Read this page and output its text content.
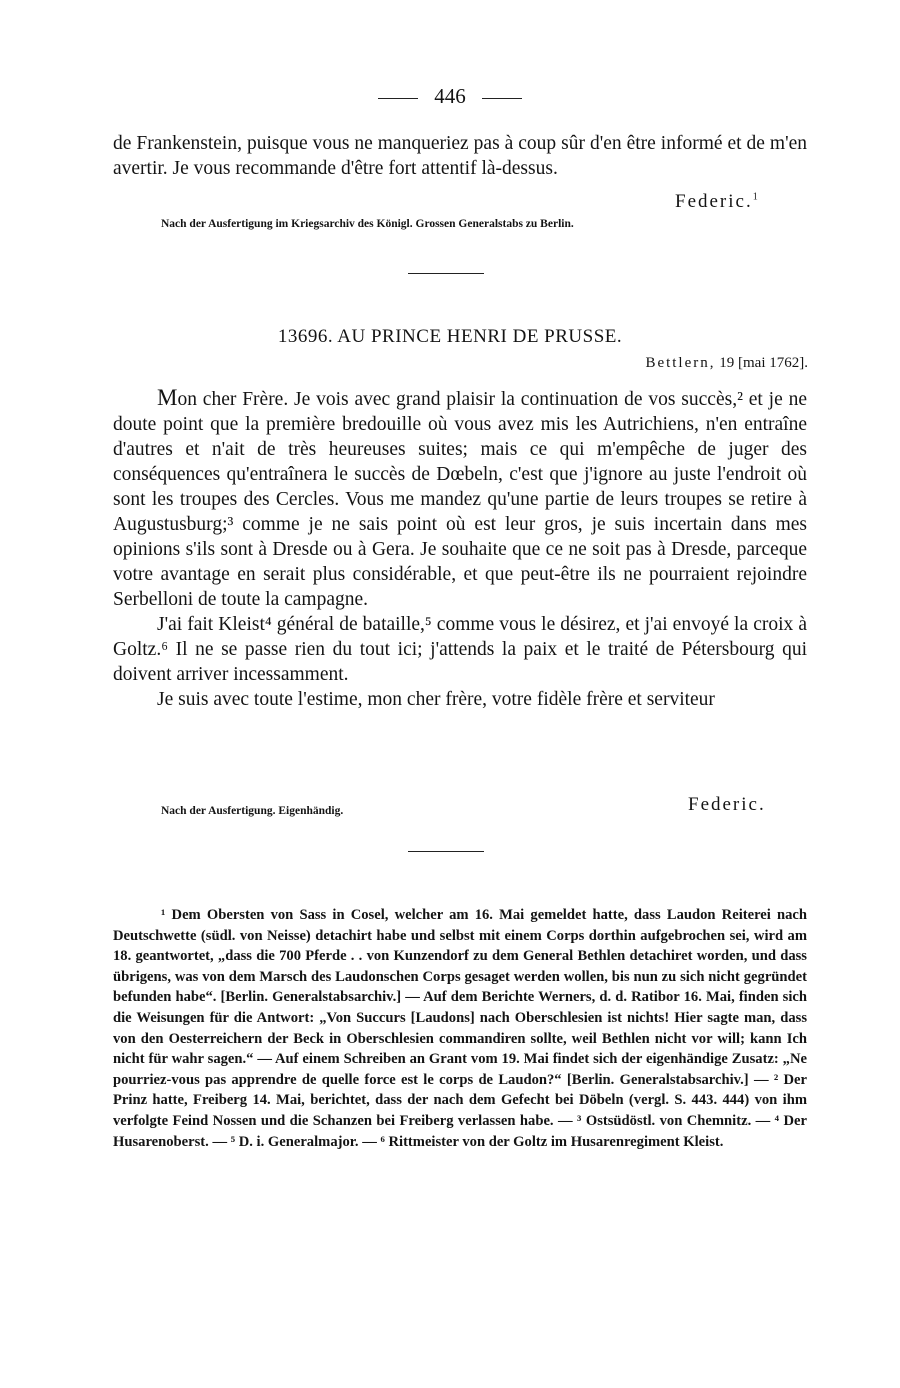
446

de Frankenstein, puisque vous ne manqueriez pas à coup sûr d'en être informé et de m'en avertir. Je vous recommande d'être fort attentif là-dessus.

Federic.$^1$
Nach der Ausfertigung im Kriegsarchiv des Königl. Grossen Generalstabs zu Berlin.
13696. AU PRINCE HENRI DE PRUSSE.
Bettlern, 19 [mai 1762].

Mon cher Frère. Je vois avec grand plaisir la continuation de vos succès,² et je ne doute point que la première bredouille où vous avez mis les Autrichiens, n'en entraîne d'autres et n'ait de très heureuses suites; mais ce qui m'empêche de juger des conséquences qu'entraînera le succès de Dœbeln, c'est que j'ignore au juste l'endroit où sont les troupes des Cercles. Vous me mandez qu'une partie de leurs troupes se retire à Augustusburg;³ comme je ne sais point où est leur gros, je suis incertain dans mes opinions s'ils sont à Dresde ou à Gera. Je souhaite que ce ne soit pas à Dresde, parceque votre avantage en serait plus considérable, et que peut-être ils ne pourraient rejoindre Serbelloni de toute la campagne.

J'ai fait Kleist⁴ général de bataille,⁵ comme vous le désirez, et j'ai envoyé la croix à Goltz.⁶ Il ne se passe rien du tout ici; j'attends la paix et le traité de Pétersbourg qui doivent arriver incessamment.

Je suis avec toute l'estime, mon cher frère, votre fidèle frère et serviteur

Nach der Ausfertigung. Eigenhändig.	Federic.
¹ Dem Obersten von Sass in Cosel, welcher am 16. Mai gemeldet hatte, dass Laudon Reiterei nach Deutschwette (südl. von Neisse) detachirt habe und selbst mit einem Corps dorthin aufgebrochen sei, wird am 18. geantwortet, „dass die 700 Pferde . . von Kunzendorf zu dem General Bethlen detachiret worden, und dass übrigens, was von dem Marsch des Laudonschen Corps gesaget werden wollen, bis nun zu sich nicht gegründet befunden habe“. [Berlin. Generalstabsarchiv.] — Auf dem Berichte Werners, d. d. Ratibor 16. Mai, finden sich die Weisungen für die Antwort: „Von Succurs [Laudons] nach Oberschlesien ist nichts! Hier sagte man, dass von den Oesterreichern der Beck in Oberschlesien commandiren sollte, weil Bethlen nicht vor will; kann Ich nicht für wahr sagen.“ — Auf einem Schreiben an Grant vom 19. Mai findet sich der eigenhändige Zusatz: „Ne pourriez-vous pas apprendre de quelle force est le corps de Laudon?“ [Berlin. Generalstabsarchiv.] — ² Der Prinz hatte, Freiberg 14. Mai, berichtet, dass der nach dem Gefecht bei Döbeln (vergl. S. 443. 444) von ihm verfolgte Feind Nossen und die Schanzen bei Freiberg verlassen habe. — ³ Ostsüdöstl. von Chemnitz. — ⁴ Der Husarenoberst. — ⁵ D. i. Generalmajor. — ⁶ Rittmeister von der Goltz im Husarenregiment Kleist.
